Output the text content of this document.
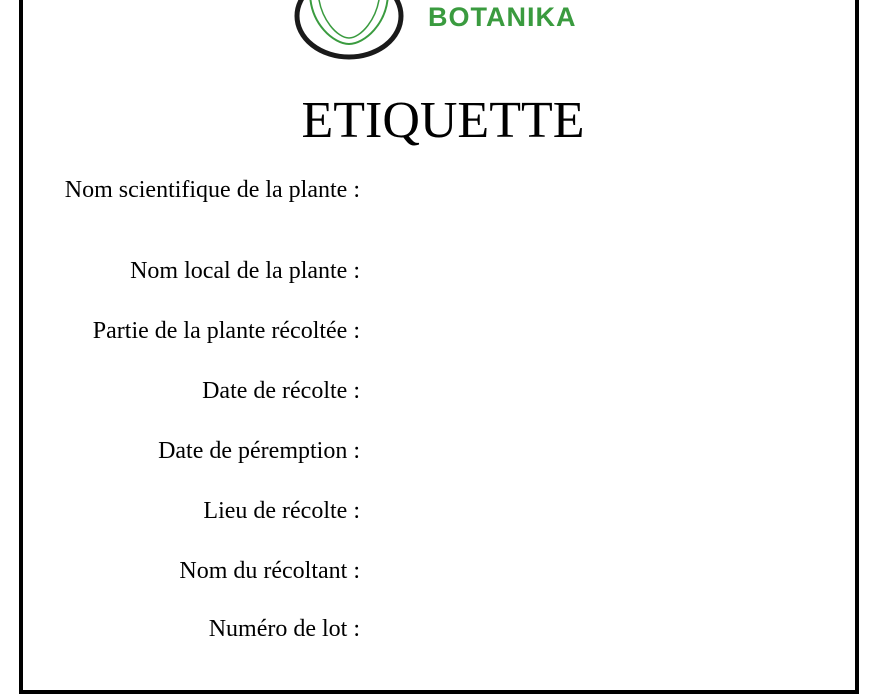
BOTANIKA
ETIQUETTE
Nom scientifique de la plante :
Nom local de la plante :
Partie de la plante récoltée :
Date de récolte :
Date de péremption :
Lieu de récolte :
Nom du récoltant :
Numéro de lot :
